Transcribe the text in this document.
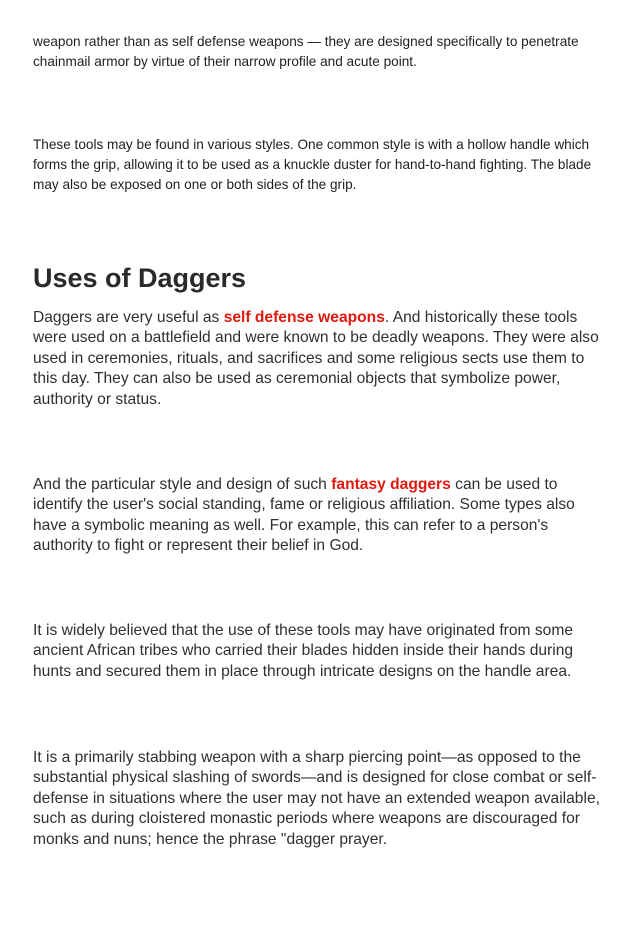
weapon rather than as self defense weapons — they are designed specifically to penetrate chainmail armor by virtue of their narrow profile and acute point.

These tools may be found in various styles. One common style is with a hollow handle which forms the grip, allowing it to be used as a knuckle duster for hand-to-hand fighting. The blade may also be exposed on one or both sides of the grip.

Uses of Daggers

Daggers are very useful as self defense weapons. And historically these tools were used on a battlefield and were known to be deadly weapons. They were also used in ceremonies, rituals, and sacrifices and some religious sects use them to this day. They can also be used as ceremonial objects that symbolize power, authority or status.

And the particular style and design of such fantasy daggers can be used to identify the user's social standing, fame or religious affiliation. Some types also have a symbolic meaning as well. For example, this can refer to a person's authority to fight or represent their belief in God.

It is widely believed that the use of these tools may have originated from some ancient African tribes who carried their blades hidden inside their hands during hunts and secured them in place through intricate designs on the handle area.

It is a primarily stabbing weapon with a sharp piercing point—as opposed to the substantial physical slashing of swords—and is designed for close combat or self-defense in situations where the user may not have an extended weapon available, such as during cloistered monastic periods where weapons are discouraged for monks and nuns; hence the phrase "dagger prayer.
